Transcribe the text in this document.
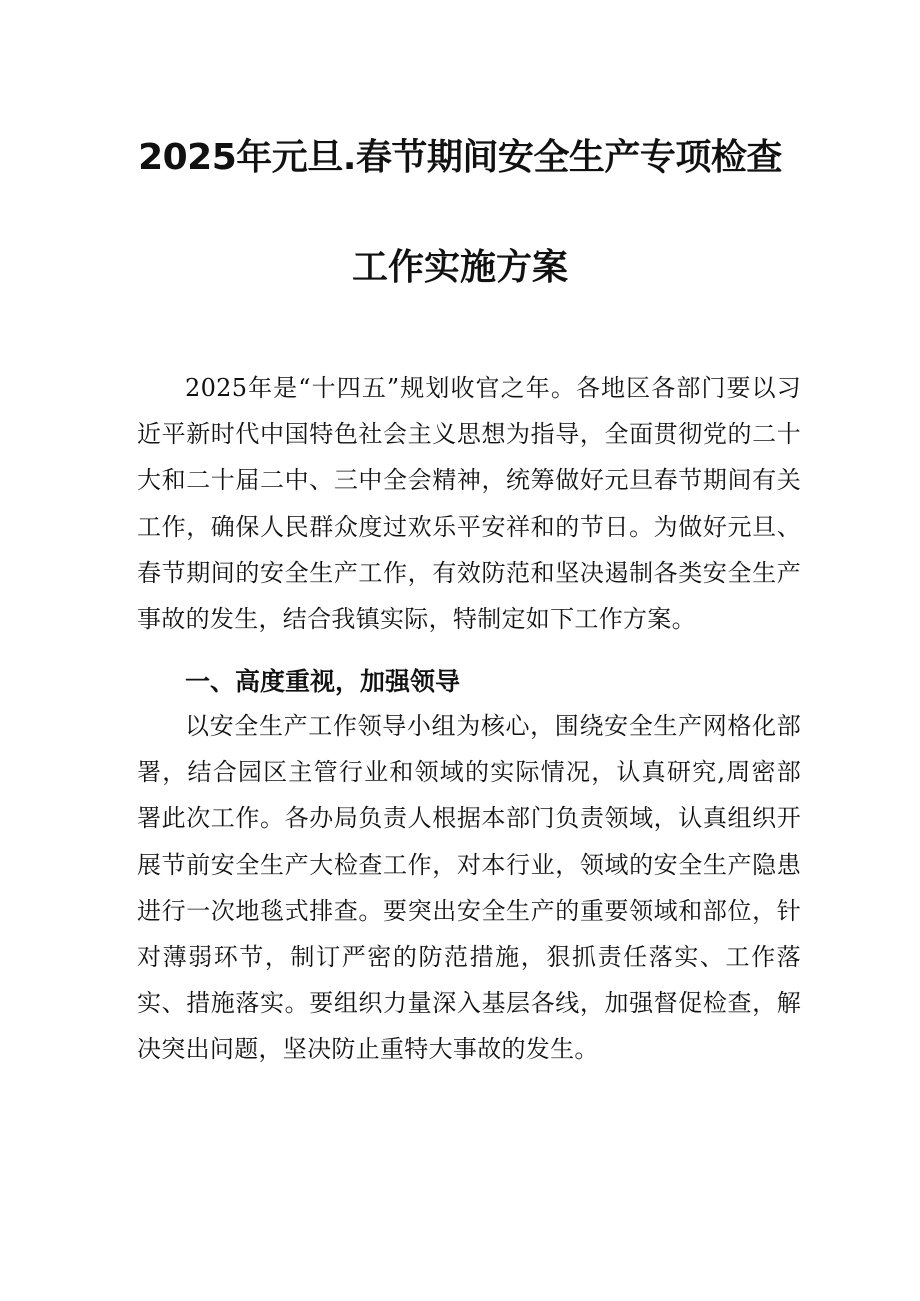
2025年元旦.春节期间安全生产专项检查
工作实施方案

2025年是“十四五”规划收官之年。各地区各部门要以习近平新时代中国特色社会主义思想为指导，全面贯彻党的二十大和二十届二中、三中全会精神，统筹做好元旦春节期间有关工作，确保人民群众度过欢乐平安祥和的节日。为做好元旦、春节期间的安全生产工作，有效防范和坚决遏制各类安全生产事故的发生，结合我镇实际，特制定如下工作方案。

一、高度重视，加强领导

以安全生产工作领导小组为核心，围绕安全生产网格化部署，结合园区主管行业和领域的实际情况，认真研究,周密部署此次工作。各办局负责人根据本部门负责领域，认真组织开展节前安全生产大检查工作，对本行业，领域的安全生产隐患进行一次地毯式排查。要突出安全生产的重要领域和部位，针对薄弱环节，制订严密的防范措施，狠抓责任落实、工作落实、措施落实。要组织力量深入基层各线，加强督促检查，解决突出问题，坚决防止重特大事故的发生。
